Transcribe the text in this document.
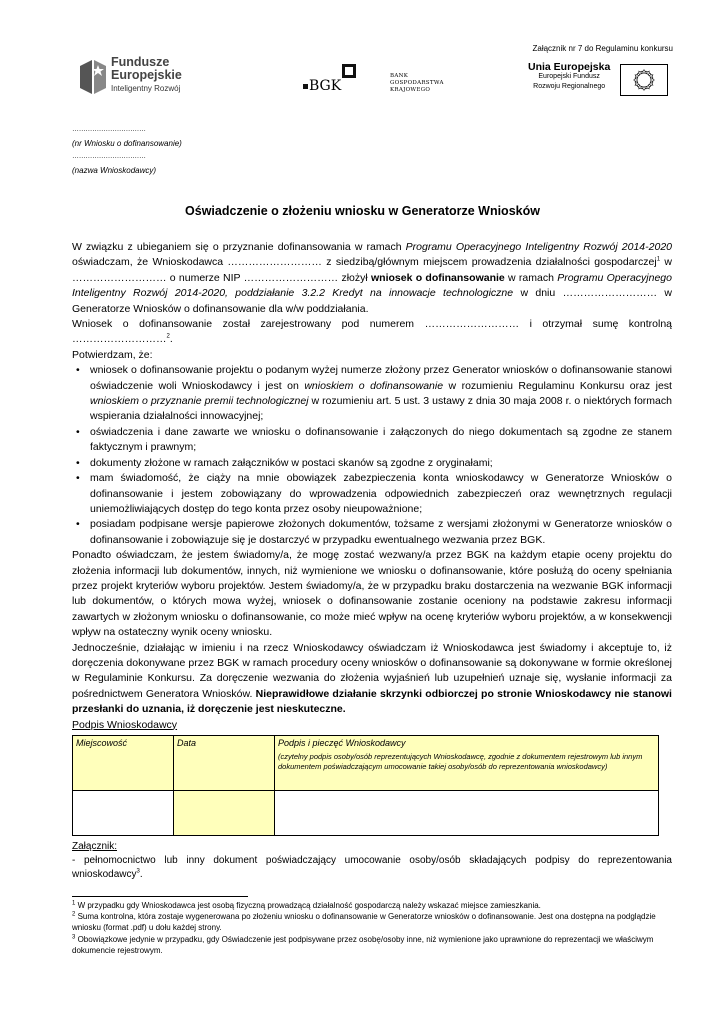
Załącznik nr 7 do Regulaminu konkursu
Fundusze
Europejskie
Inteligentny Rozwój	BGK
BANK GOSPODARSTWA
KRAJOWEGO
Unia Europejska
Europejski Fundusz
Rozwoju Regionalnego
……………………………
(nr Wniosku o dofinansowanie)
……………………………
(nazwa Wnioskodawcy)
Oświadczenie o złożeniu wniosku w Generatorze Wniosków

W związku z ubieganiem się o przyznanie dofinansowania w ramach Programu Operacyjnego Inteligentny Rozwój 2014-2020 oświadczam, że Wnioskodawca ……………………… z siedzibą/głównym miejscem prowadzenia działalności gospodarczej$^1$ w ……………………… o numerze NIP ……………………… złożył wniosek o dofinansowanie w ramach Programu Operacyjnego Inteligentny Rozwój 2014-2020, poddziałanie 3.2.2 Kredyt na innowacje technologiczne w dniu ……………………… w Generatorze Wniosków o dofinansowanie dla w/w poddziałania.

Wniosek o dofinansowanie został zarejestrowany pod numerem ……………………… i otrzymał sumę kontrolną ………………………$^2$.

Potwierdzam, że:

• wniosek o dofinansowanie projektu o podanym wyżej numerze złożony przez Generator wniosków o dofinansowanie stanowi oświadczenie woli Wnioskodawcy i jest on wnioskiem o dofinansowanie w rozumieniu Regulaminu Konkursu oraz jest wnioskiem o przyznanie premii technologicznej w rozumieniu art. 5 ust. 3 ustawy z dnia 30 maja 2008 r. o niektórych formach wspierania działalności innowacyjnej;
• oświadczenia i dane zawarte we wniosku o dofinansowanie i załączonych do niego dokumentach są zgodne ze stanem faktycznym i prawnym;
• dokumenty złożone w ramach załączników w postaci skanów są zgodne z oryginałami;
• mam świadomość, że ciąży na mnie obowiązek zabezpieczenia konta wnioskodawcy w Generatorze Wniosków o dofinansowanie i jestem zobowiązany do wprowadzenia odpowiednich zabezpieczeń oraz wewnętrznych regulacji uniemożliwiających dostęp do tego konta przez osoby nieupoważnione;
• posiadam podpisane wersje papierowe złożonych dokumentów, tożsame z wersjami złożonymi w Generatorze wniosków o dofinansowanie i zobowiązuje się je dostarczyć w przypadku ewentualnego wezwania przez BGK.

Ponadto oświadczam, że jestem świadomy/a, że mogę zostać wezwany/a przez BGK na każdym etapie oceny projektu do złożenia informacji lub dokumentów, innych, niż wymienione we wniosku o dofinansowanie, które posłużą do oceny spełniania przez projekt kryteriów wyboru projektów. Jestem świadomy/a, że w przypadku braku dostarczenia na wezwanie BGK informacji lub dokumentów, o których mowa wyżej, wniosek o dofinansowanie zostanie oceniony na podstawie zakresu informacji zawartych w złożonym wniosku o dofinansowanie, co może mieć wpływ na ocenę kryteriów wyboru projektów, a w konsekwencji wpływ na ostateczny wynik oceny wniosku.

Jednocześnie, działając w imieniu i na rzecz Wnioskodawcy oświadczam iż Wnioskodawca jest świadomy i akceptuje to, iż doręczenia dokonywane przez BGK w ramach procedury oceny wniosków o dofinansowanie są dokonywane w formie określonej w Regulaminie Konkursu. Za doręczenie wezwania do złożenia wyjaśnień lub uzupełnień uznaje się, wysłanie informacji za pośrednictwem Generatora Wniosków. Nieprawidłowe działanie skrzynki odbiorczej po stronie Wnioskodawcy nie stanowi przesłanki do uznania, iż doręczenie jest nieskuteczne.

Podpis Wnioskodawcy

Miejscowość	Data	Podpis i pieczęć Wnioskodawcy
(czytelny podpis osoby/osób reprezentujących Wnioskodawcę, zgodnie z dokumentem rejestrowym lub innym dokumentem poświadczającym umocowanie takiej osoby/osób do reprezentowania wnioskodawcy)

Załącznik:
- pełnomocnictwo lub inny dokument poświadczający umocowanie osoby/osób składających podpisy do reprezentowania wnioskodawcy$^3$.

$^1$ W przypadku gdy Wnioskodawca jest osobą fizyczną prowadzącą działalność gospodarczą należy wskazać miejsce zamieszkania.

$^2$ Suma kontrolna, która zostaje wygenerowana po złożeniu wniosku o dofinansowanie w Generatorze wniosków o dofinansowanie. Jest ona dostępna na podglądzie wniosku (format .pdf) u dołu każdej strony.

$^3$ Obowiązkowe jedynie w przypadku, gdy Oświadczenie jest podpisywane przez osobę/osoby inne, niż wymienione jako uprawnione do reprezentacji we właściwym dokumencie rejestrowym.
